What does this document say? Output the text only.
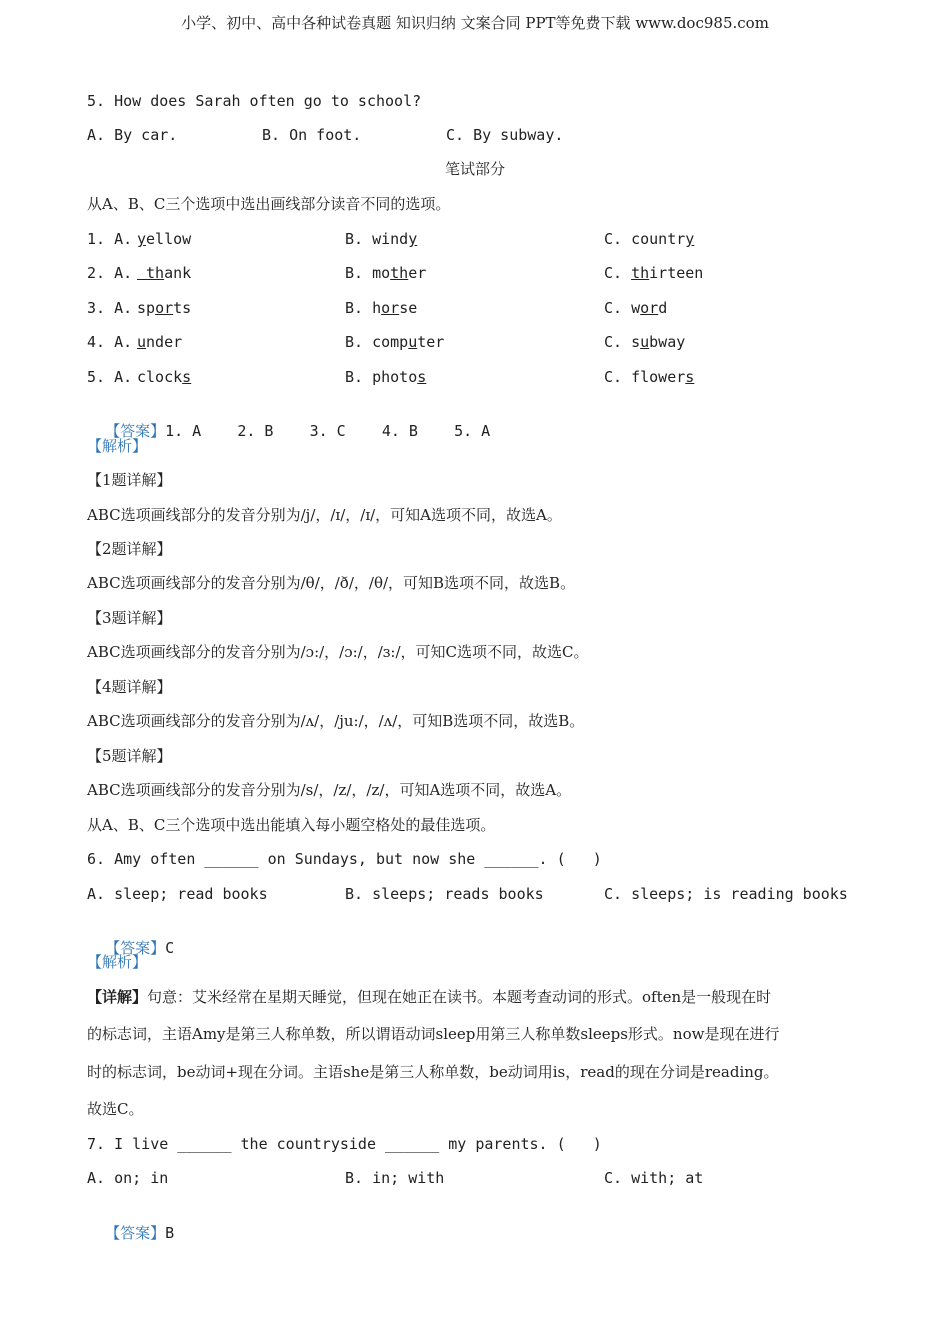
小学、初中、高中各种试卷真题 知识归纳 文案合同 PPT等免费下载 www.doc985.com
5. How does Sarah often go to school?
A. By car.	B. On foot.	C. By subway.
笔试部分
从A、B、C三个选项中选出画线部分读音不同的选项。
1. A. yellow	B. windy	C. country
2. A. thank	B. mother	C. thirteen
3. A. sports	B. horse	C. word
4. A. under	B. computer	C. subway
5. A. clocks	B. photos	C. flowers

【答案】1. A    2. B    3. C    4. B    5. A

【解析】
【1题详解】
ABC选项画线部分的发音分别为/j/，/ɪ/，/ɪ/，可知A选项不同，故选A。
【2题详解】
ABC选项画线部分的发音分别为/θ/，/ð/，/θ/，可知B选项不同，故选B。
【3题详解】
ABC选项画线部分的发音分别为/ɔ:/，/ɔ:/，/ɜ:/，可知C选项不同，故选C。
【4题详解】
ABC选项画线部分的发音分别为/ʌ/，/ju:/，/ʌ/，可知B选项不同，故选B。
【5题详解】
ABC选项画线部分的发音分别为/s/，/z/，/z/，可知A选项不同，故选A。
从A、B、C三个选项中选出能填入每小题空格处的最佳选项。
6. Amy often ______ on Sundays, but now she ______. (   )
A. sleep; read books	B. sleeps; reads books	C. sleeps; is reading books

【答案】C

【解析】
【详解】句意：艾米经常在星期天睡觉，但现在她正在读书。本题考查动词的形式。often是一般现在时
的标志词，主语Amy是第三人称单数，所以谓语动词sleep用第三人称单数sleeps形式。now是现在进行
时的标志词，be动词+现在分词。主语she是第三人称单数，be动词用is，read的现在分词是reading。
故选C。
7. I live ______ the countryside ______ my parents. (   )
A. on; in	B. in; with	C. with; at

【答案】B
